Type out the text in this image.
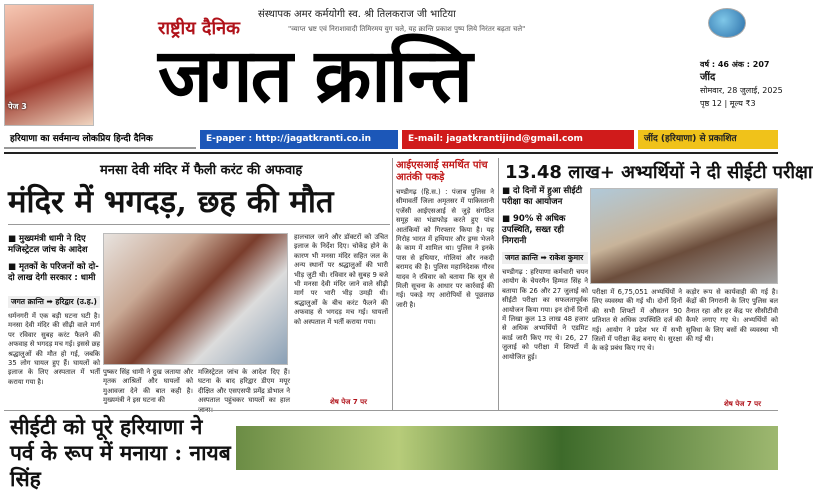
पेज 3
संस्थापक अमर कर्मयोगी स्व. श्री तिलकराज जी भाटिया
"व्याप्त भ्रष्ट एवं निराशावादी तिमिरमय युग चले, यह क्रान्ति प्रकाश पुष्प लिये निरंतर बढ़ता चले"
राष्ट्रीय दैनिक
जगत क्रान्ति	वर्ष : 46 अंक : 207
जींद
सोमवार, 28 जुलाई, 2025
पृष्ठ 12 | मूल्य ₹3
हरियाणा का सर्वमान्य लोकप्रिय हिन्दी दैनिक	E-paper : http://jagatkranti.co.in	E-mail: jagatkrantijind@gmail.com	जींद (हरियाणा) से प्रकाशित
मनसा देवी मंदिर में फैली करंट की अफवाह
मंदिर में भगदड़, छह की मौत
■ मुख्यमंत्री धामी ने दिए मजिस्ट्रेटल जांच के आदेश
■ मृतकों के परिजनों को दो-दो लाख देगी सरकार : धामी
जगत क्रान्ति ➡ हरिद्वार (उ.ह.)
धर्मनगरी में एक बड़ी घटना घटी है। मनसा देवी मंदिर की सीढ़ी वाले मार्ग पर रविवार सुबह करंट फैलने की अफवाह से भगदड़ मच गई। इससे छह श्रद्धालुओं की मौत हो गई, जबकि 35 लोग घायल हुए हैं। घायलों को इलाज के लिए अस्पताल में भर्ती कराया गया है।
पुष्कर सिंह धामी ने दुख जताया और मृतक आश्रितों और घायलों को मुआवजा देने की बात कही है। मुख्यमंत्री ने इस घटना की
मजिस्ट्रेटल जांच के आदेश दिए हैं। घटना के बाद हरिद्वार डीएम मयूर दीक्षित और एसएसपी प्रमेंद्र डोभाल ने अस्पताल पहुंचकर घायलों का हाल
हालचाल जाने और डॉक्टरों को उचित इलाज के निर्देश दिए। चोकेंद्र होने के कारण भी मनसा मंदिर सहित जल के अन्य स्थानों पर श्रद्धालुओं की भारी भीड़ जुटी थी। रविवार को सुबह 9 बजे भी मनसा देवी मंदिर जाने वाले सीढ़ी मार्ग पर भारी भीड़ उमड़ी थी। श्रद्धालुओं के बीच करंट फैलने की अफवाह से भगदड़ मच गई। घायलों को अस्पताल में भर्ती कराया गया।
शेष पेज 7 पर
आईएसआई समर्थित पांच आतंकी पकड़े
चण्डीगढ़ (हि.स.) : पंजाब पुलिस ने सीमावर्ती जिला अमृतसर में पाकिस्तानी एजेंसी आईएसआई से जुड़े संगठित समूह का भंडाफोड़ करते हुए पांच आतंकियों को गिरफ्तार किया है। यह गिरोह भारत में हथियार और ड्रग्स भेजने के काम में शामिल था। पुलिस ने इनके पास से हथियार, गोलियां और नकदी बरामद की है। पुलिस महानिदेशक गौरव यादव ने रविवार को बताया कि सूत्र से मिली सूचना के आधार पर कार्रवाई की गई। पकड़े गए आरोपियों से पूछताछ जारी है।
13.48 लाख+ अभ्यर्थियों ने दी सीईटी परीक्षा
■ दो दिनों में हुआ सीईटी परीक्षा का आयोजन
■ 90% से अधिक उपस्थिति, सख्त रही निगरानी
जगत क्रान्ति ➡ राकेश कुमार
चण्डीगढ़ : हरियाणा कर्मचारी चयन आयोग के चेयरमैन हिम्मत सिंह ने बताया कि 26 और 27 जुलाई को सीईटी परीक्षा का सफलतापूर्वक आयोजन किया गया। इन दोनों दिनों में लिखा कुल 13 लाख 48 हजार से अधिक अभ्यर्थियों ने एडमिट कार्ड जारी किए गए थे। 26, 27 जुलाई को परीक्षा में शिफ्टों में आयोजित हुई।
परीक्षा में 6,75,051 अभ्यर्थियों ने लिए व्यवस्था की गई थी। दोनों दिनों की सभी शिफ्टों में औसतन 90 प्रतिशत से अधिक उपस्थिति दर्ज की गई। आयोग ने प्रदेश भर में सभी जिलों में परीक्षा केंद्र बनाए थे। सुरक्षा के कड़े प्रबंध किए गए थे।
कड़ोर रूप से कार्यवाही की गई है। केंद्रों की निगरानी के लिए पुलिस बल तैनात रहा और हर केंद्र पर सीसीटीवी कैमरे लगाए गए थे। अभ्यर्थियों को सुविधा के लिए बसों की व्यवस्था भी की गई थी।
शेष पेज 7 पर
सीईटी को पूरे हरियाणा ने पर्व के रूप में मनाया : नायब सिंह
